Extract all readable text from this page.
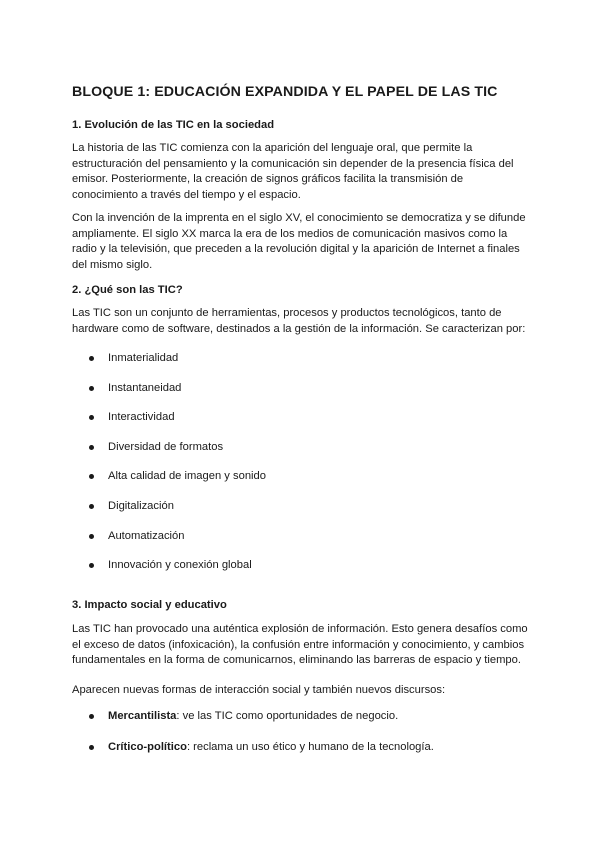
BLOQUE 1: EDUCACIÓN EXPANDIDA Y EL PAPEL DE LAS TIC
1. Evolución de las TIC en la sociedad

La historia de las TIC comienza con la aparición del lenguaje oral, que permite la estructuración del pensamiento y la comunicación sin depender de la presencia física del emisor. Posteriormente, la creación de signos gráficos facilita la transmisión de conocimiento a través del tiempo y el espacio.

Con la invención de la imprenta en el siglo XV, el conocimiento se democratiza y se difunde ampliamente. El siglo XX marca la era de los medios de comunicación masivos como la radio y la televisión, que preceden a la revolución digital y la aparición de Internet a finales del mismo siglo.

2. ¿Qué son las TIC?

Las TIC son un conjunto de herramientas, procesos y productos tecnológicos, tanto de hardware como de software, destinados a la gestión de la información. Se caracterizan por:

Inmaterialidad
Instantaneidad
Interactividad
Diversidad de formatos
Alta calidad de imagen y sonido
Digitalización
Automatización
Innovación y conexión global
3. Impacto social y educativo

Las TIC han provocado una auténtica explosión de información. Esto genera desafíos como el exceso de datos (infoxicación), la confusión entre información y conocimiento, y cambios fundamentales en la forma de comunicarnos, eliminando las barreras de espacio y tiempo.

Aparecen nuevas formas de interacción social y también nuevos discursos:

Mercantilista: ve las TIC como oportunidades de negocio.
Crítico-político: reclama un uso ético y humano de la tecnología.
